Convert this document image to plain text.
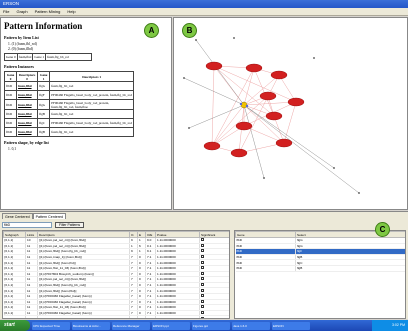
ERSON
File Graph Pattern Mining Help
Pattern Information
Pattern by Item List
1. (1) (fusm,fbl_rol)
2. (0) (fusm,flbd)
Gene 0 fusm,fbsl Gene 1 fusm,flg_bb_rol
Pattern Instances
Gene 0	Descriptors 0	Gene 1	Descriptors 1
flbD	fusm,flbd	flgG	fusm,flg_bb_rod
flbD	fusm,flbd	flgF	PF00460 Flagella_basal_body_rod_protein, fusm,flg_bb_rod
flbD	fusm,flbd	flgG	PF00460 Flagella_basal_body_rod_protein, fusm,flg_bb_rod, fusm,fbse
flbD	fusm,flbd	flgB	fusm,flg_bb_rod
flbD	fusm,flbd	flgC	PF00460 Flagella_basal_body_rod_protein, fusm,flg_bb_rod
flbD	fusm,flbd	flgB	fusm,flg_bb_rod
Pattern shape, by edge list
1. 0,1
A	B
Gene Centered	Pattern Centered
flbD	Filter Patterns
Subgraph	Links	Descriptors	O.	E	O/E	Pvalue	Significant
[0,1,1]	10	[(1):(fusm,pel_sel_cit)] (fusm,flbd)]	9	1	9.0	1.11.0000000	
[0,1,1]	11	[(1):(fusm,pel_sel_cit)] (fusm,flbd)]	1	6	0.1	1.11.0000000	
[0,1,1]	11	[(1):(fusm,flbd)] (fusm,flg_bb_rod)]	9	1	9.1	1.11.0000000	
[0,1,1]	11	[(1):(fusm,tmap_1)] (fusm,flbd)]	7	0	7.1	1.11.0000000	
[0,1,1]	11	[(1):(fusm,flbd)] (fusm,flrd)]	7	0	7.1	1.11.0000000	
[0,1,1]	11	[(1):(fusm,fbst_11_03) (fusm,flbd)]	7	0	7.1	1.11.0000000	
[0,1,1]	11	[(1):(PF07804 Biosynth_sodium) (fusm)]	7	0	7.1	1.11.0000000	
[0,1,1]	11	[(1):(fusm,pel_sel_cit)] (fusm,flbd)]	7	0	7.1	1.11.0000000	
[0,1,1]	11	[(1):(fusm,flbd)] (fusm,flg_bb_rod)]	7	0	7.1	1.11.0000000	
[0,1,1]	11	[(1):(fusm,flbd)] (fusm,flbd)]	7	0	7.1	1.11.0000000	
[0,1,1]	11	[(1):(PF00460 Flagellar_basal) (fusm)]	7	0	7.1	1.11.0000000	
[0,1,1]	11	[(1):(PF00460 Flagellar_basal) (fusm)]	7	0	7.1	1.11.0000000	
[0,1,1]	11	[(1):(fusm,fbst_11_03) (fusm,flbd)]	7	0	7.1	1.11.0000000	
[0,1,1]	11	[(1):(PF00460 Flagellar_basal) (fusm)]	7	0	7.1	1.11.0000000	
[0,1,1]	11	[(1):(fusm,pel_sel_cit)] (fusm,flbd)]	7	0	7.1	1.11.0000000	

Gene	Select
flbD	flgG
flbD	flgG
flbD	flgF
flbD	flgB
flbD	flgC
flbD	flgB
C
start	CPU Expected Time	Biostreams at Activ...	Reference Manager	ERSON.ppt	Figures.ppt	Java 1.6.0	ERSON	3:02 PM
